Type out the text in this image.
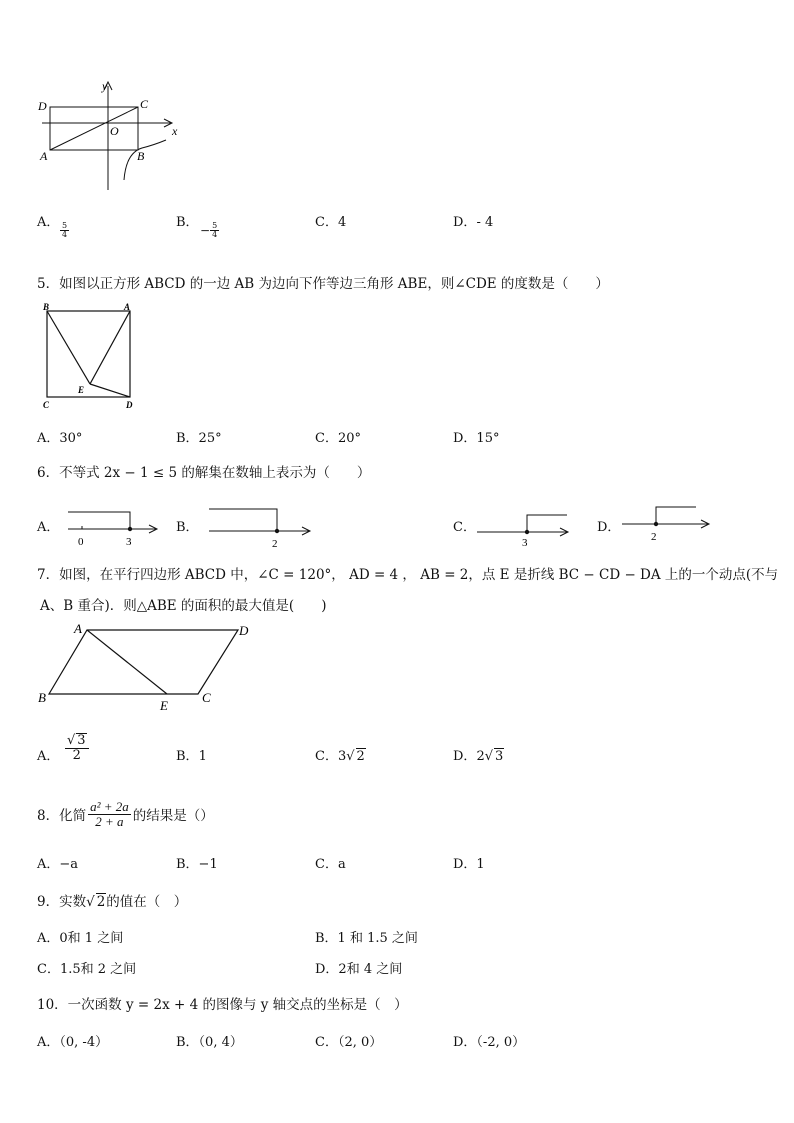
y
x
D	C
O
A	B
A． $\frac{5}{4}$	B．
− $\frac{5}{4}$	C．4	D．- 4
5．如图以正方形 ABCD 的一边 AB 为边向下作等边三角形 ABE，则∠CDE 的度数是（　　）
B	A
E
C	D
A．30°	B．25°	C．20°	D．15°
6．不等式 2x − 1 ≤ 5 的解集在数轴上表示为（　　）
A．
0	3
B．
2
C．
3
D．
2
7．如图，在平行四边形 ABCD 中，∠C = 120°， AD = 4 ， AB = 2，点 E 是折线 BC − CD − DA 上的一个动点(不与
A、B 重合)．则△ABE 的面积的最大值是(　　)
A	D
B
E
C
A． $\frac{√ 3}{2}$	B．1	C．3√ 2	D．2√ 3
8．化简 $\frac{\text{a² + 2a}}{2 + a}$ 的结果是（）
A．−a	B．−1	C．a	D．1
9．实数√ 2的值在（　）
A．0和 1 之间	B．1 和 1.5 之间
C．1.5和 2 之间	D．2和 4 之间
10．一次函数 y = 2x + 4 的图像与 y 轴交点的坐标是（　）
A．（0, -4）	B．（0, 4）	C．（2, 0）	D．（-2, 0）
